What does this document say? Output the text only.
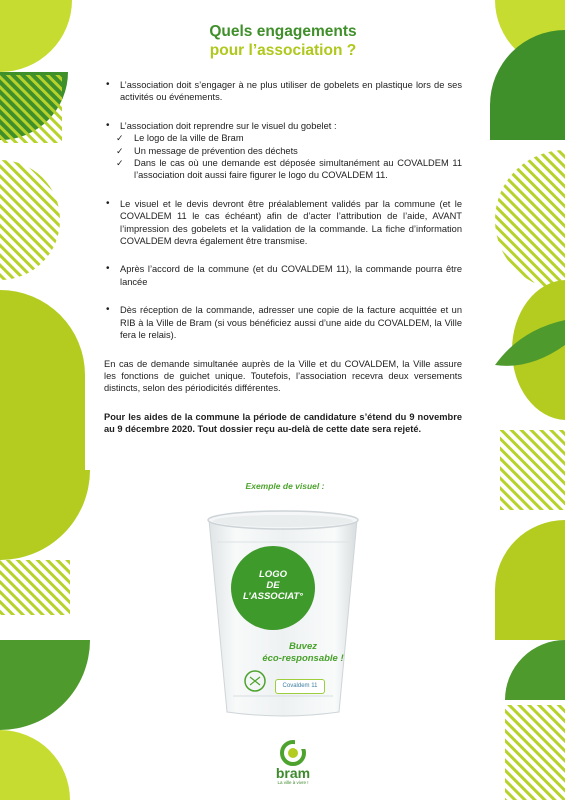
Quels engagements
pour l’association ?
• L’association doit s’engager à ne plus utiliser de gobelets en plastique lors de ses activités ou événements.
• L’association doit reprendre sur le visuel du gobelet :
✓ Le logo de la ville de Bram
✓ Un message de prévention des déchets
✓ Dans le cas où une demande est déposée simultanément au COVALDEM 11 l’association doit aussi faire figurer le logo du COVALDEM 11.
• Le visuel et le devis devront être préalablement validés par la commune (et le COVALDEM 11 le cas échéant) afin de d’acter l’attribution de l’aide, AVANT l’impression des gobelets et la validation de la commande. La fiche d’information COVALDEM devra également être transmise.
• Après l’accord de la commune (et du COVALDEM 11), la commande pourra être lancée
• Dès réception de la commande, adresser une copie de la facture acquittée et un RIB à la Ville de Bram (si vous bénéficiez aussi d’une aide du COVALDEM, la Ville fera le relais).

En cas de demande simultanée auprès de la Ville et du COVALDEM, la Ville assure les fonctions de guichet unique. Toutefois, l’association recevra deux versements distincts, selon des périodicités différentes.

Pour les aides de la commune la période de candidature s’étend du 9 novembre au 9 décembre 2020. Tout dossier reçu au-delà de cette date sera rejeté.

Exemple de visuel :
LOGO
DE
L’ASSOCIAT°
Buvez
éco-responsable !
Covaldem 11
bram
La ville à vivre !
